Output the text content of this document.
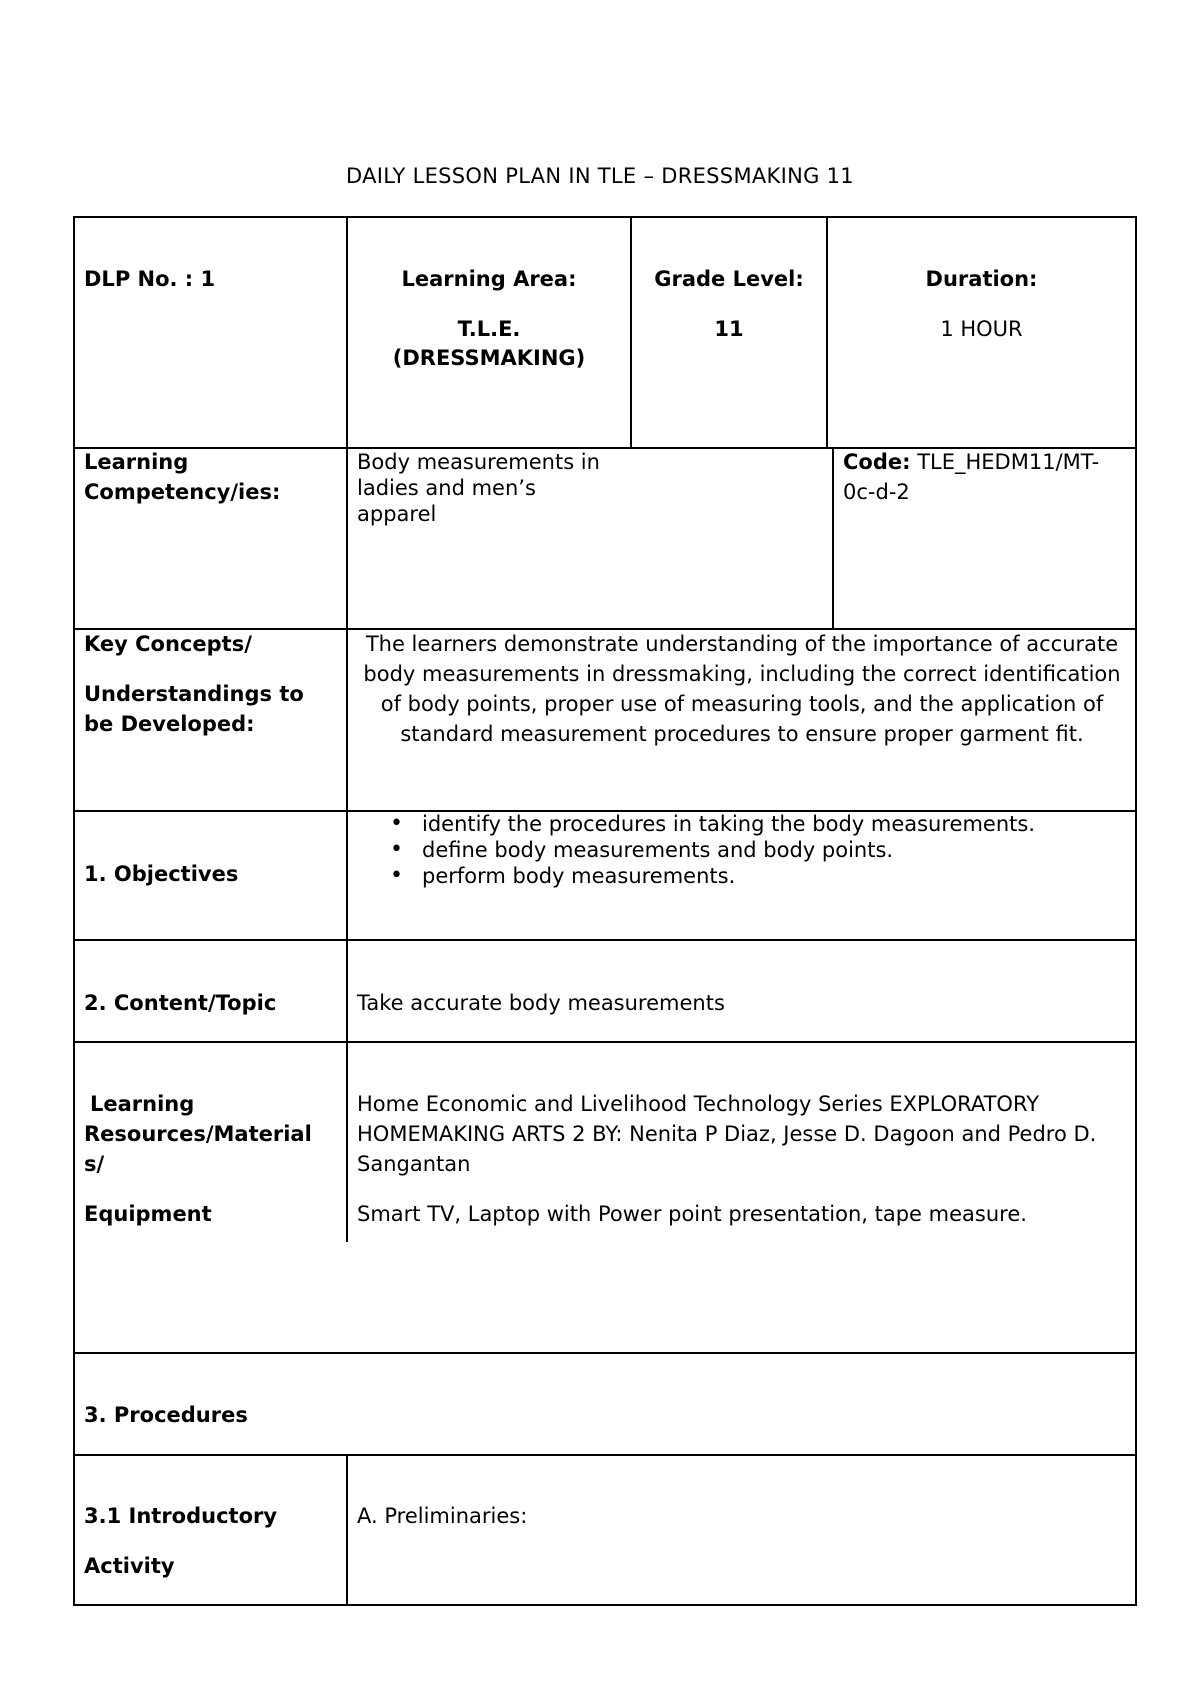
DAILY LESSON PLAN IN TLE – DRESSMAKING 11
DLP No. : 1	Learning Area:

T.L.E.

(DRESSMAKING)

Grade Level:

11

Duration:

1 HOUR

Learning

Competency/ies:

Body measurements in

ladies and men’s

apparel

Code: TLE_HEDM11/MT-

0c-d-2

Key Concepts/

Understandings to

be Developed:

The learners demonstrate understanding of the importance of accurate body measurements in dressmaking, including the correct identification of body points, proper use of measuring tools, and the application of standard measurement procedures to ensure proper garment fit.

1. Objectives
• identify the procedures in taking the body measurements.
• define body measurements and body points.
• perform body measurements.
2. Content/Topic	Take accurate body measurements

Learning

Resources/Material

s/

Equipment

Home Economic and Livelihood Technology Series EXPLORATORY HOMEMAKING ARTS 2 BY: Nenita P Diaz, Jesse D. Dagoon and Pedro D. Sangantan

Smart TV, Laptop with Power point presentation, tape measure.

3. Procedures

3.1 Introductory

Activity

A. Preliminaries:
